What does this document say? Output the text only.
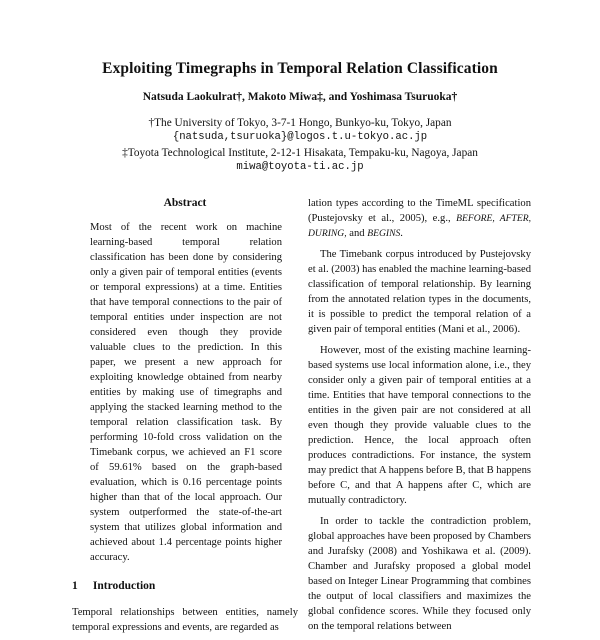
Exploiting Timegraphs in Temporal Relation Classification
Natsuda Laokulrat†, Makoto Miwa‡, and Yoshimasa Tsuruoka†
†The University of Tokyo, 3-7-1 Hongo, Bunkyo-ku, Tokyo, Japan
{natsuda,tsuruoka}@logos.t.u-tokyo.ac.jp
‡Toyota Technological Institute, 2-12-1 Hisakata, Tempaku-ku, Nagoya, Japan
miwa@toyota-ti.ac.jp
Abstract

Most of the recent work on machine learning-based temporal relation classification has been done by considering only a given pair of temporal entities (events or temporal expressions) at a time. Entities that have temporal connections to the pair of temporal entities under inspection are not considered even though they provide valuable clues to the prediction. In this paper, we present a new approach for exploiting knowledge obtained from nearby entities by making use of timegraphs and applying the stacked learning method to the temporal relation classification task. By performing 10-fold cross validation on the Timebank corpus, we achieved an F1 score of 59.61% based on the graph-based evaluation, which is 0.16 percentage points higher than that of the local approach. Our system outperformed the state-of-the-art system that utilizes global information and achieved about 1.4 percentage points higher accuracy.

1 Introduction

Temporal relationships between entities, namely temporal expressions and events, are regarded as

lation types according to the TimeML specification (Pustejovsky et al., 2005), e.g., BEFORE, AFTER, DURING, and BEGINS.

The Timebank corpus introduced by Pustejovsky et al. (2003) has enabled the machine learning-based classification of temporal relationship. By learning from the annotated relation types in the documents, it is possible to predict the temporal relation of a given pair of temporal entities (Mani et al., 2006).

However, most of the existing machine learning-based systems use local information alone, i.e., they consider only a given pair of temporal entities at a time. Entities that have temporal connections to the entities in the given pair are not considered at all even though they provide valuable clues to the prediction. Hence, the local approach often produces contradictions. For instance, the system may predict that A happens before B, that B happens before C, and that A happens after C, which are mutually contradictory.

In order to tackle the contradiction problem, global approaches have been proposed by Chambers and Jurafsky (2008) and Yoshikawa et al. (2009). Chamber and Jurafsky proposed a global model based on Integer Linear Programming that combines the output of local classifiers and maximizes the global confidence scores. While they focused only on the temporal relations between
